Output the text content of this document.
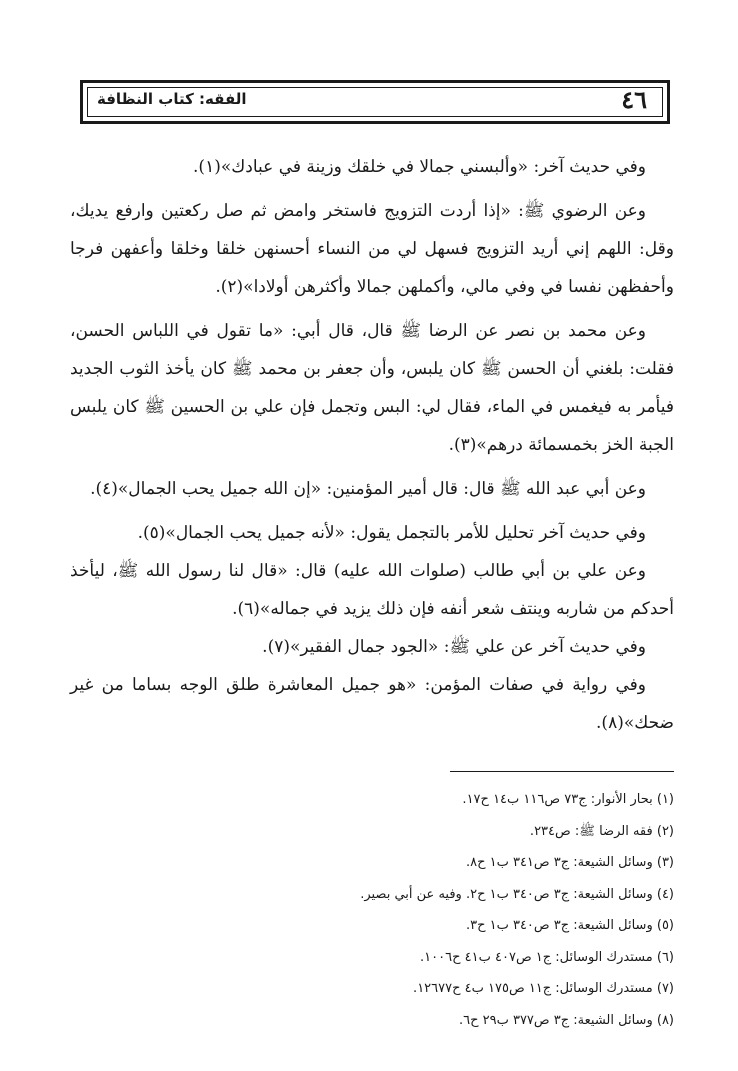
٤٦
الفقه: كتاب النظافة

وفي حديث آخر: «وألبسني جمالا في خلقك وزينة في عبادك»(١).

وعن الرضوي ﷺ: «إذا أردت التزويج فاستخر وامض ثم صل ركعتين وارفع يديك، وقل: اللهم إني أريد التزويج فسهل لي من النساء أحسنهن خلقا وخلقا وأعفهن فرجا وأحفظهن نفسا في وفي مالي، وأكملهن جمالا وأكثرهن أولادا»(٢).

وعن محمد بن نصر عن الرضا ﷺ قال، قال أبي: «ما تقول في اللباس الحسن، فقلت: بلغني أن الحسن ﷺ كان يلبس، وأن جعفر بن محمد ﷺ كان يأخذ الثوب الجديد فيأمر به فيغمس في الماء، فقال لي: البس وتجمل فإن علي بن الحسين ﷺ كان يلبس الجبة الخز بخمسمائة درهم»(٣).

وعن أبي عبد الله ﷺ قال: قال أمير المؤمنين: «إن الله جميل يحب الجمال»(٤).

وفي حديث آخر تحليل للأمر بالتجمل يقول: «لأنه جميل يحب الجمال»(٥).

وعن علي بن أبي طالب (صلوات الله عليه) قال: «قال لنا رسول الله ﷺ، ليأخذ أحدكم من شاربه وينتف شعر أنفه فإن ذلك يزيد في جماله»(٦).

وفي حديث آخر عن علي ﷺ: «الجود جمال الفقير»(٧).

وفي رواية في صفات المؤمن: «هو جميل المعاشرة طلق الوجه بساما من غير ضحك»(٨).

(١) بحار الأنوار: ج٧٣ ص١١٦ ب١٤ ح١٧.

(٢) فقه الرضا ﷺ: ص٢٣٤.

(٣) وسائل الشيعة: ج٣ ص٣٤١ ب١ ح٨.

(٤) وسائل الشيعة: ج٣ ص٣٤٠ ب١ ح٢. وفيه عن أبي بصير.

(٥) وسائل الشيعة: ج٣ ص٣٤٠ ب١ ح٣.

(٦) مستدرك الوسائل: ج١ ص٤٠٧ ب٤١ ح١٠٠٦.

(٧) مستدرك الوسائل: ج١١ ص١٧٥ ب٤ ح١٢٦٧٧.

(٨) وسائل الشيعة: ج٣ ص٣٧٧ ب٢٩ ح٦.
